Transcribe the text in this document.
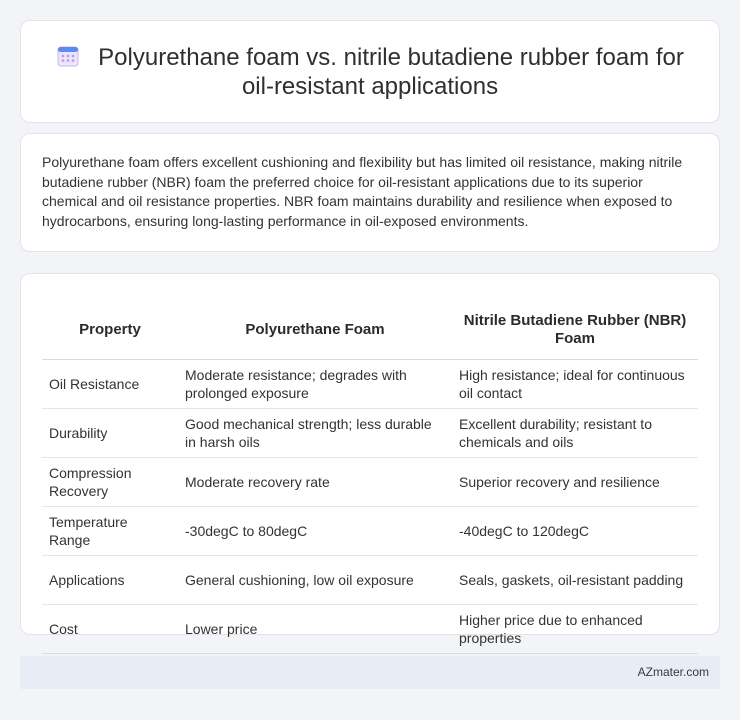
Polyurethane foam vs. nitrile butadiene rubber foam for oil-resistant applications

Polyurethane foam offers excellent cushioning and flexibility but has limited oil resistance, making nitrile butadiene rubber (NBR) foam the preferred choice for oil-resistant applications due to its superior chemical and oil resistance properties. NBR foam maintains durability and resilience when exposed to hydrocarbons, ensuring long-lasting performance in oil-exposed environments.

Property	Polyurethane Foam	Nitrile Butadiene Rubber (NBR) Foam
Oil Resistance	Moderate resistance; degrades with prolonged exposure	High resistance; ideal for continuous oil contact
Durability	Good mechanical strength; less durable in harsh oils	Excellent durability; resistant to chemicals and oils
Compression Recovery	Moderate recovery rate	Superior recovery and resilience
Temperature Range	-30degC to 80degC	-40degC to 120degC
Applications	General cushioning, low oil exposure	Seals, gaskets, oil-resistant padding
Cost	Lower price	Higher price due to enhanced properties
AZmater.com
